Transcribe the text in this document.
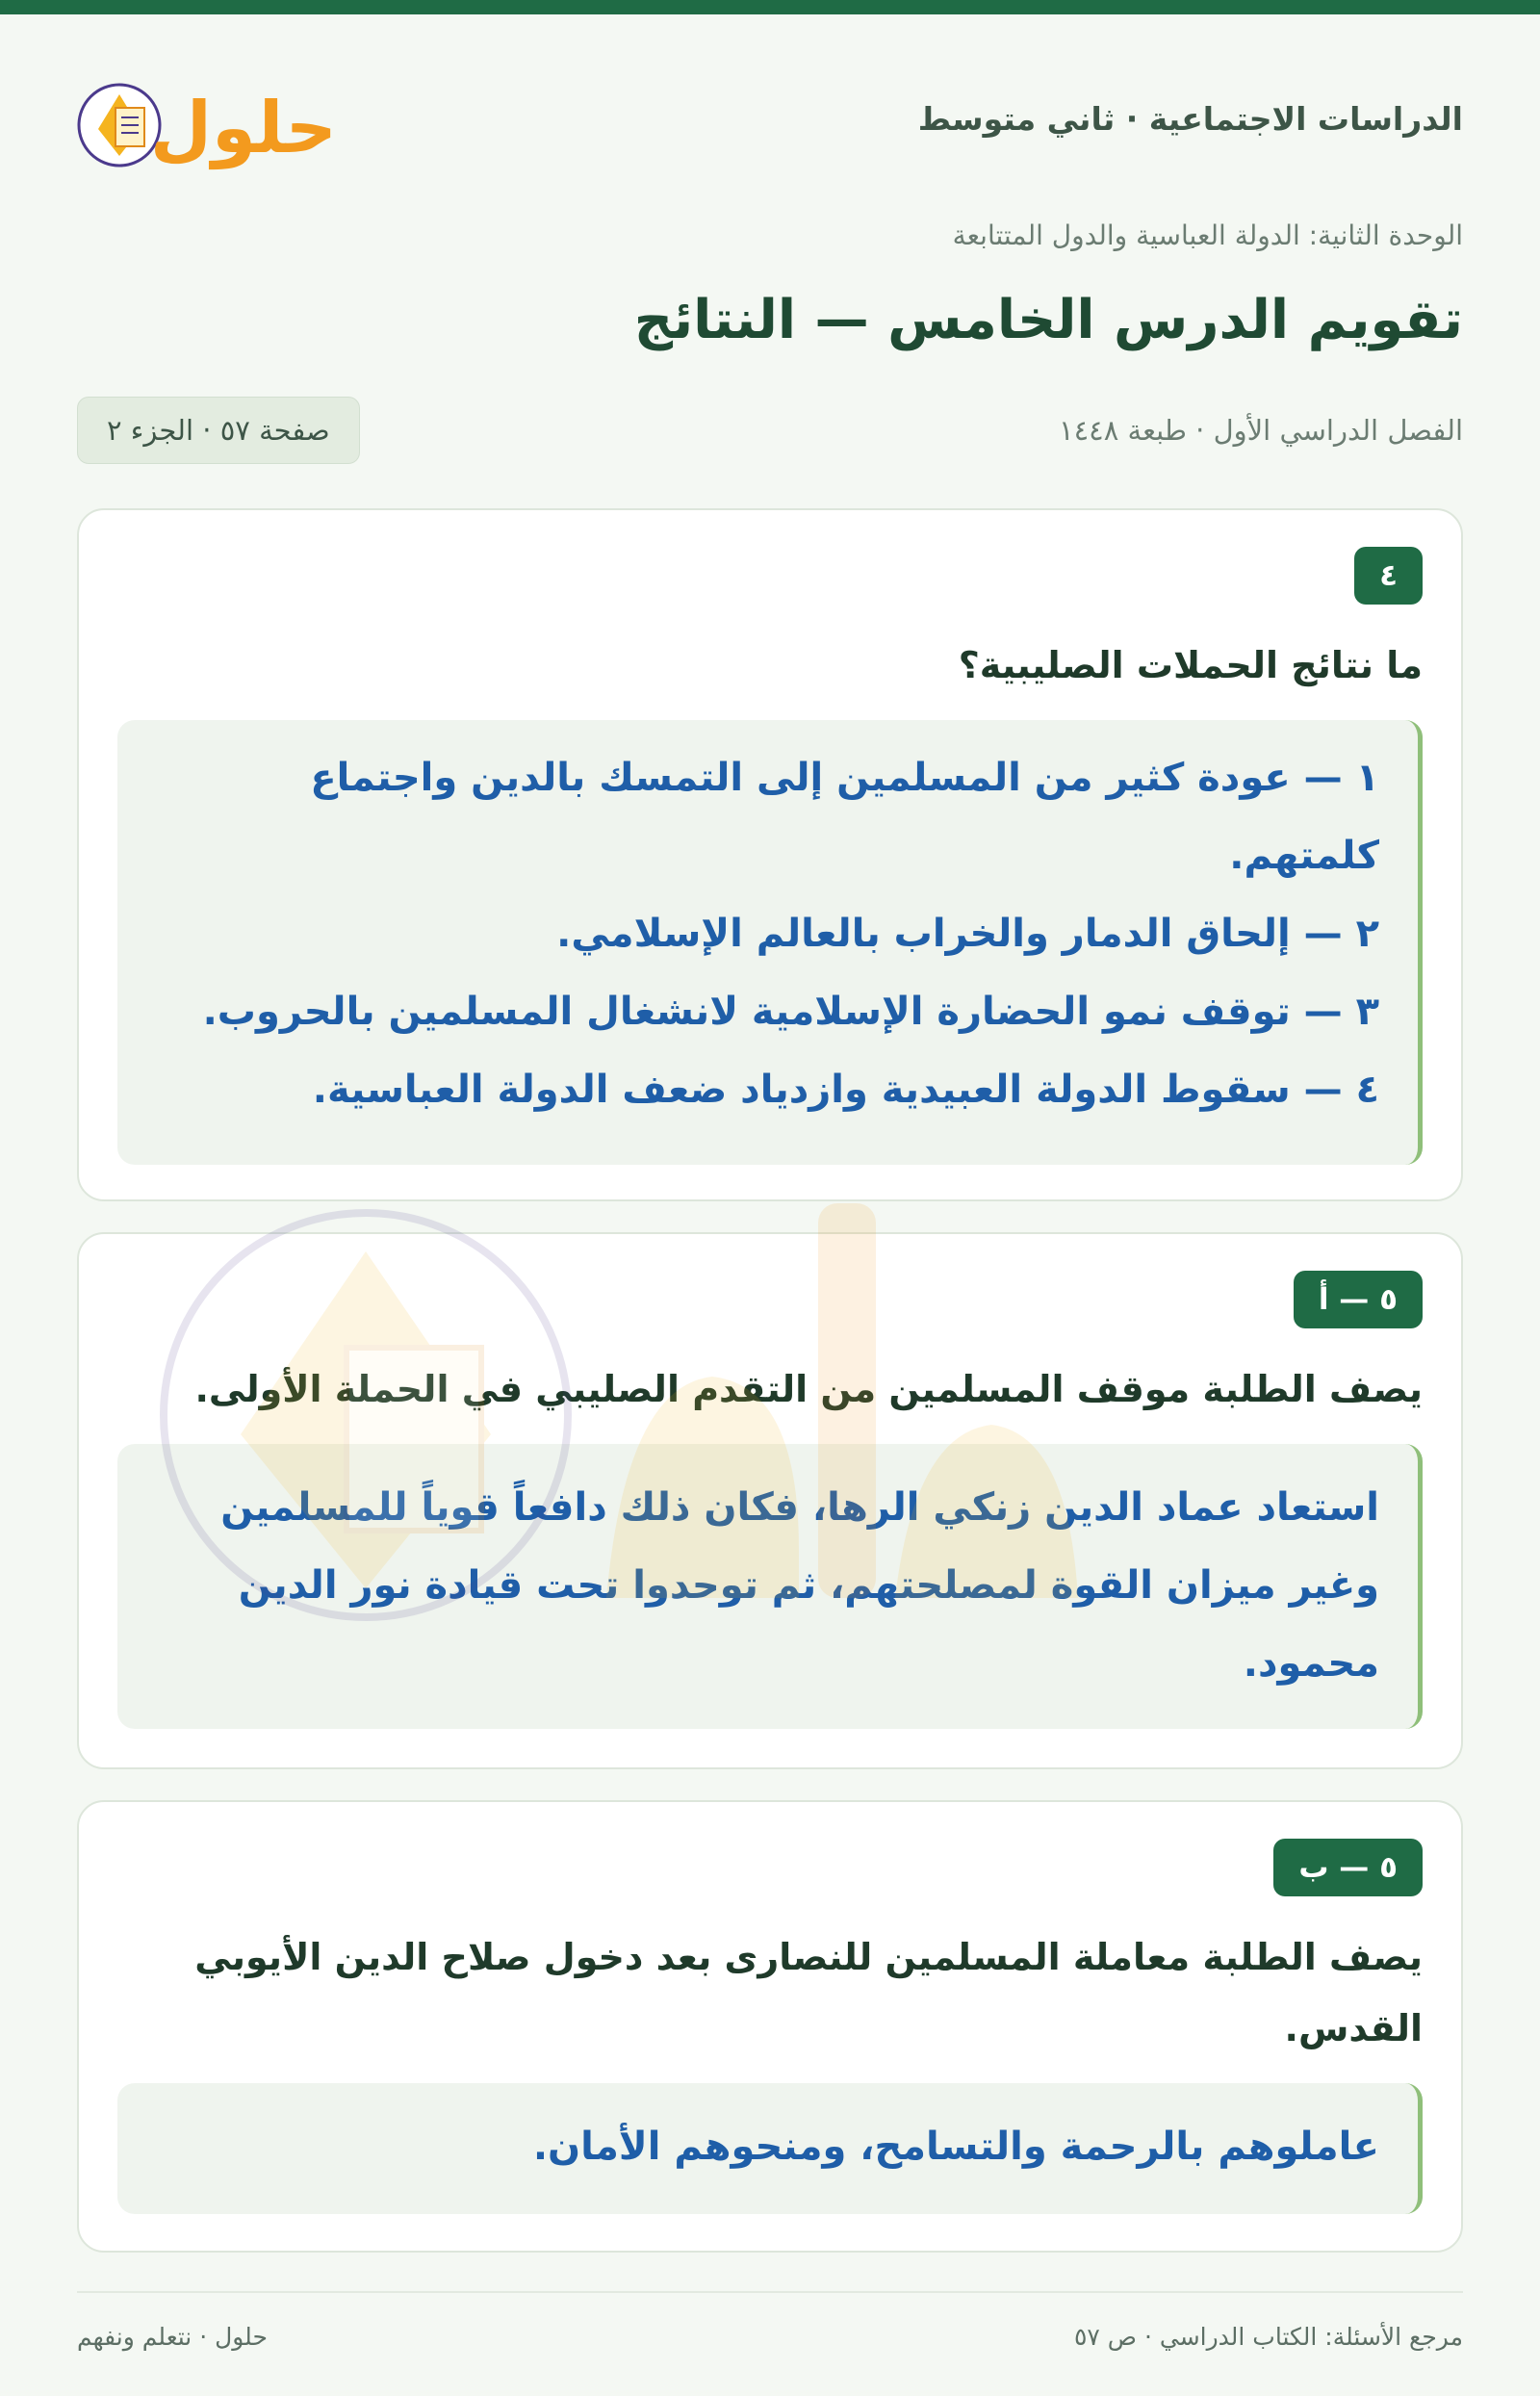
الدراسات الاجتماعية · ثاني متوسط
حلول
الوحدة الثانية: الدولة العباسية والدول المتتابعة
تقويم الدرس الخامس — النتائج
الفصل الدراسي الأول · طبعة ١٤٤٨
صفحة ٥٧ · الجزء ٢
٤
ما نتائج الحملات الصليبية؟
١ — عودة كثير من المسلمين إلى التمسك بالدين واجتماع كلمتهم.
٢ — إلحاق الدمار والخراب بالعالم الإسلامي.
٣ — توقف نمو الحضارة الإسلامية لانشغال المسلمين بالحروب.
٤ — سقوط الدولة العبيدية وازدياد ضعف الدولة العباسية.
٥ — أ
يصف الطلبة موقف المسلمين من التقدم الصليبي في الحملة الأولى.
استعاد عماد الدين زنكي الرها، فكان ذلك دافعاً قوياً للمسلمين وغير ميزان القوة لمصلحتهم، ثم توحدوا تحت قيادة نور الدين محمود.
٥ — ب
يصف الطلبة معاملة المسلمين للنصارى بعد دخول صلاح الدين الأيوبي القدس.
عاملوهم بالرحمة والتسامح، ومنحوهم الأمان.
مرجع الأسئلة: الكتاب الدراسي · ص ٥٧
حلول · نتعلم ونفهم
